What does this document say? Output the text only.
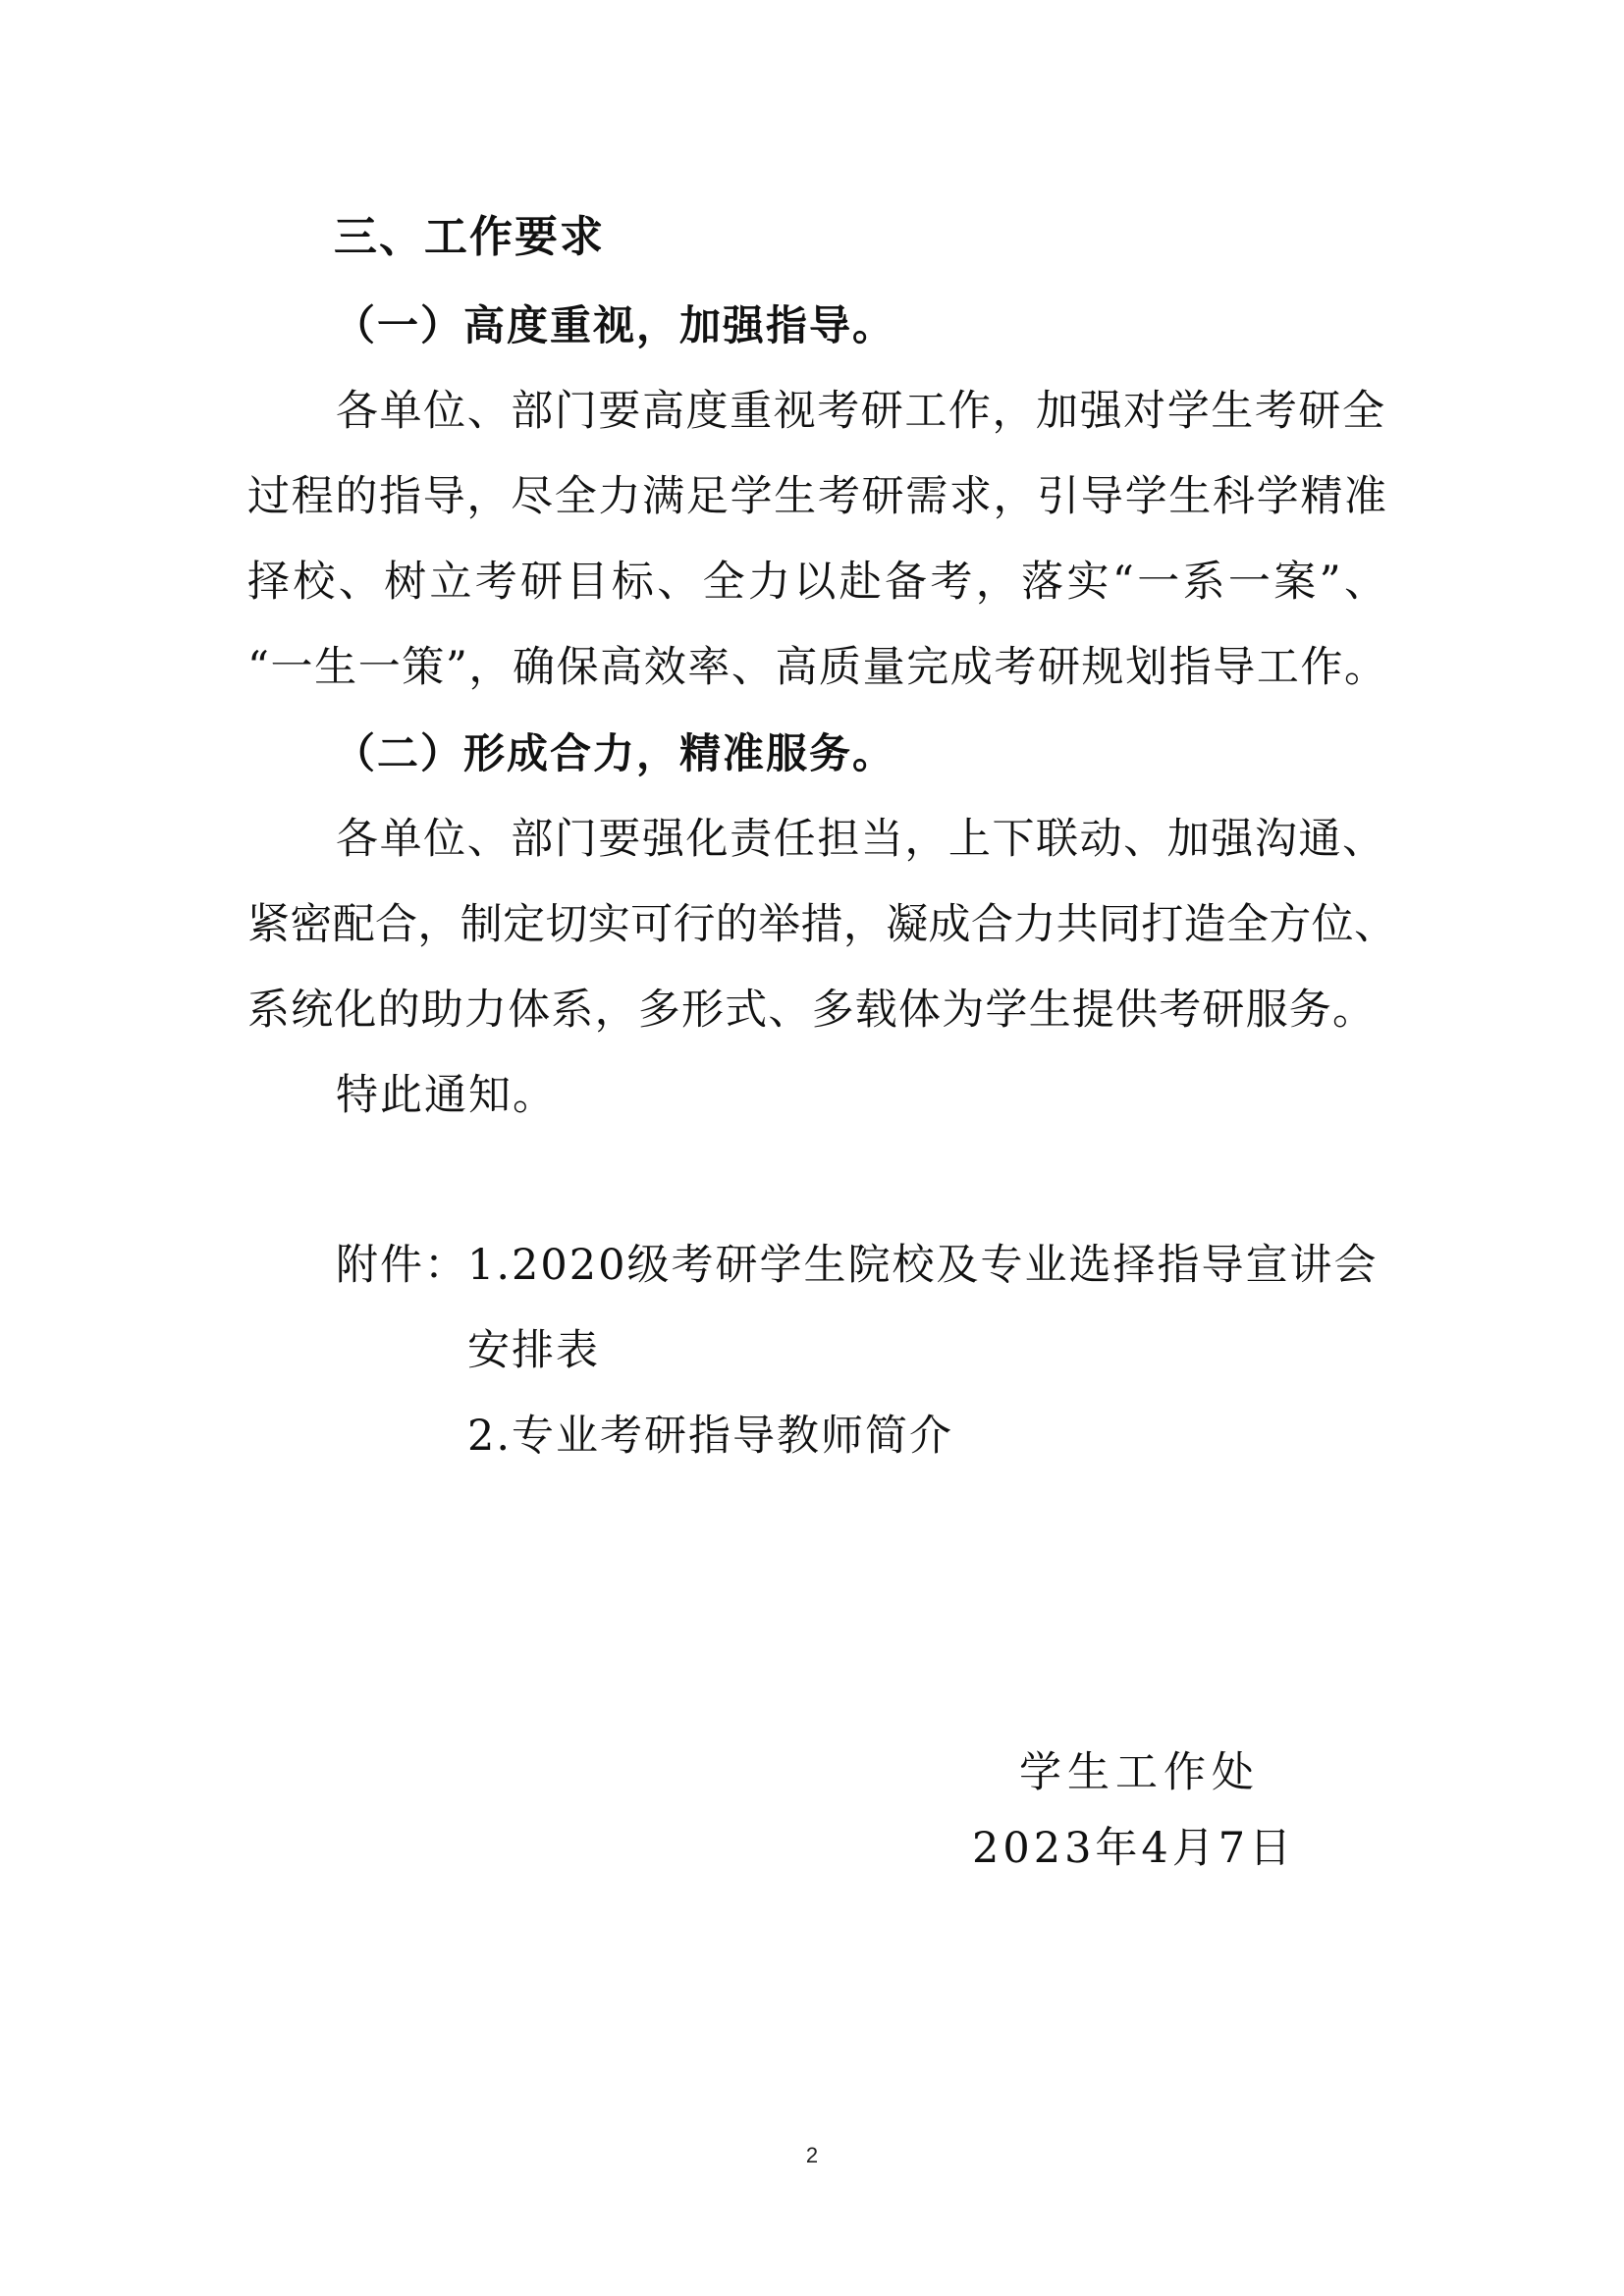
三、工作要求
（一）高度重视，加强指导。
各单位、部门要高度重视考研工作，加强对学生考研全
过程的指导，尽全力满足学生考研需求，引导学生科学精准
择校、树立考研目标、全力以赴备考，落实“一系一案”、
“一生一策”，确保高效率、高质量完成考研规划指导工作。
（二）形成合力，精准服务。
各单位、部门要强化责任担当，上下联动、加强沟通、
紧密配合，制定切实可行的举措，凝成合力共同打造全方位、
系统化的助力体系，多形式、多载体为学生提供考研服务。
特此通知。
附件： 1.2020级考研学生院校及专业选择指导宣讲会
安排表
2.专业考研指导教师简介
学生工作处
2023年4月7日
2
